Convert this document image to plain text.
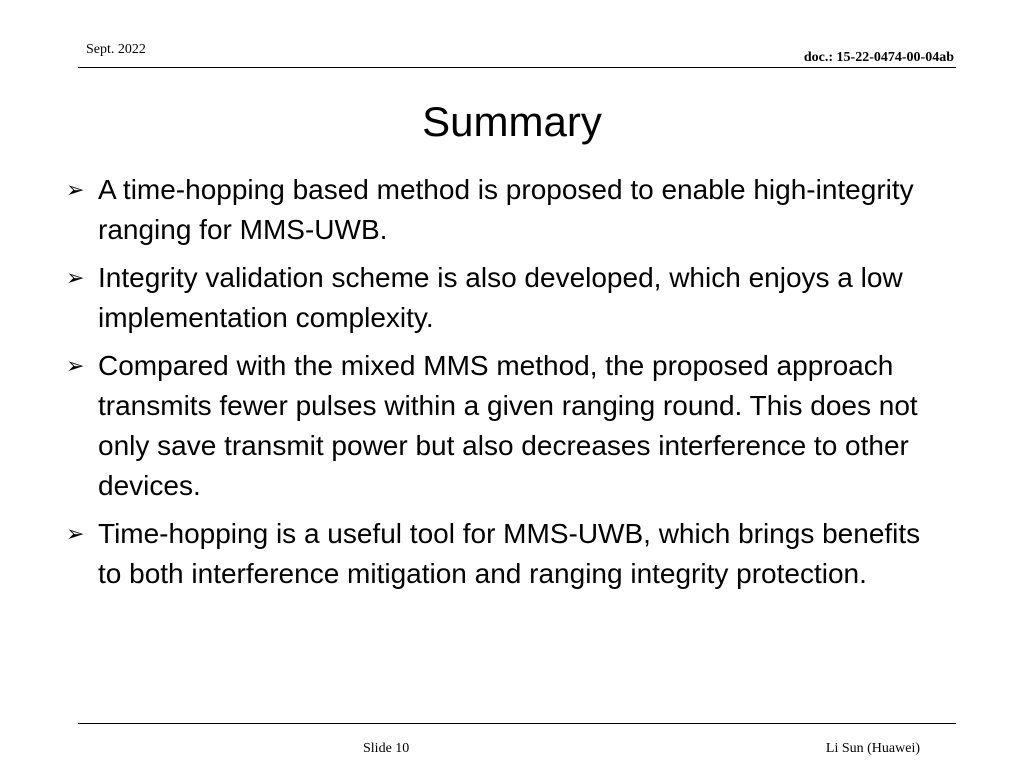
Sept. 2022
doc.: 15-22-0474-00-04ab
Summary
➢ A time-hopping based method is proposed to enable high-integrity ranging for MMS-UWB.
➢ Integrity validation scheme is also developed, which enjoys a low implementation complexity.
➢ Compared with the mixed MMS method, the proposed approach transmits fewer pulses within a given ranging round. This does not only save transmit power but also decreases interference to other devices.
➢ Time-hopping is a useful tool for MMS-UWB, which brings benefits to both interference mitigation and ranging integrity protection.
Slide 10	Li Sun (Huawei)
